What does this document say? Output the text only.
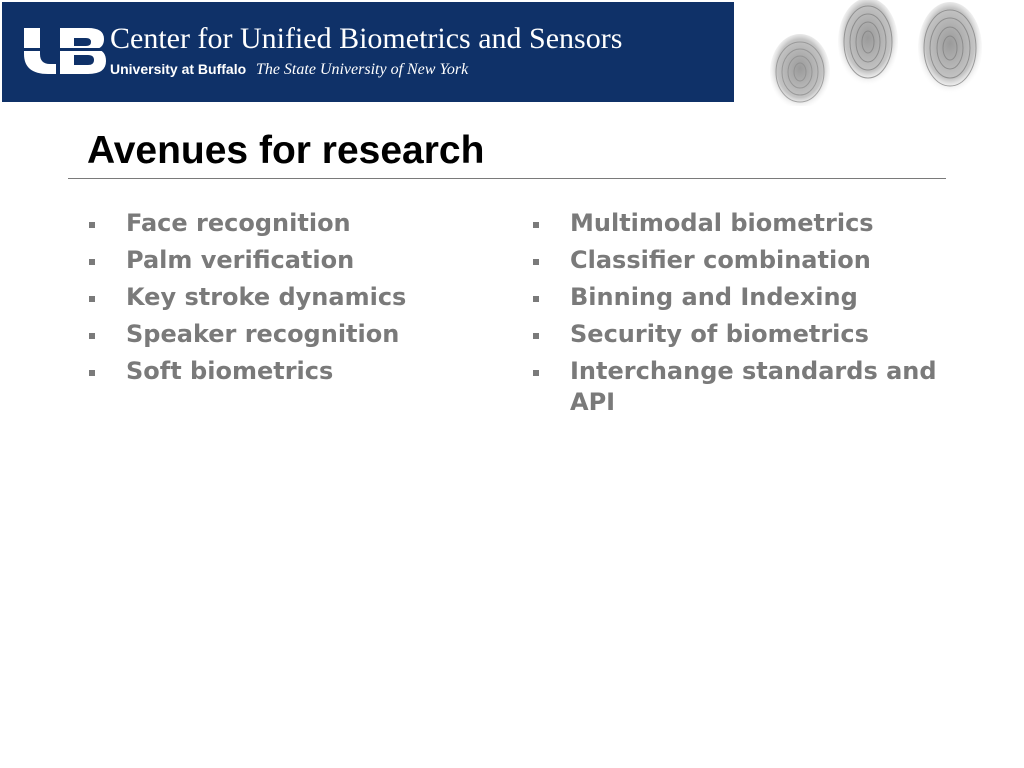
Center for Unified Biometrics and Sensors
University at Buffalo The State University of New York
Avenues for research
Face recognition
Palm verification
Key stroke dynamics
Speaker recognition
Soft biometrics
Multimodal biometrics
Classifier combination
Binning and Indexing
Security of biometrics
Interchange standards and API
